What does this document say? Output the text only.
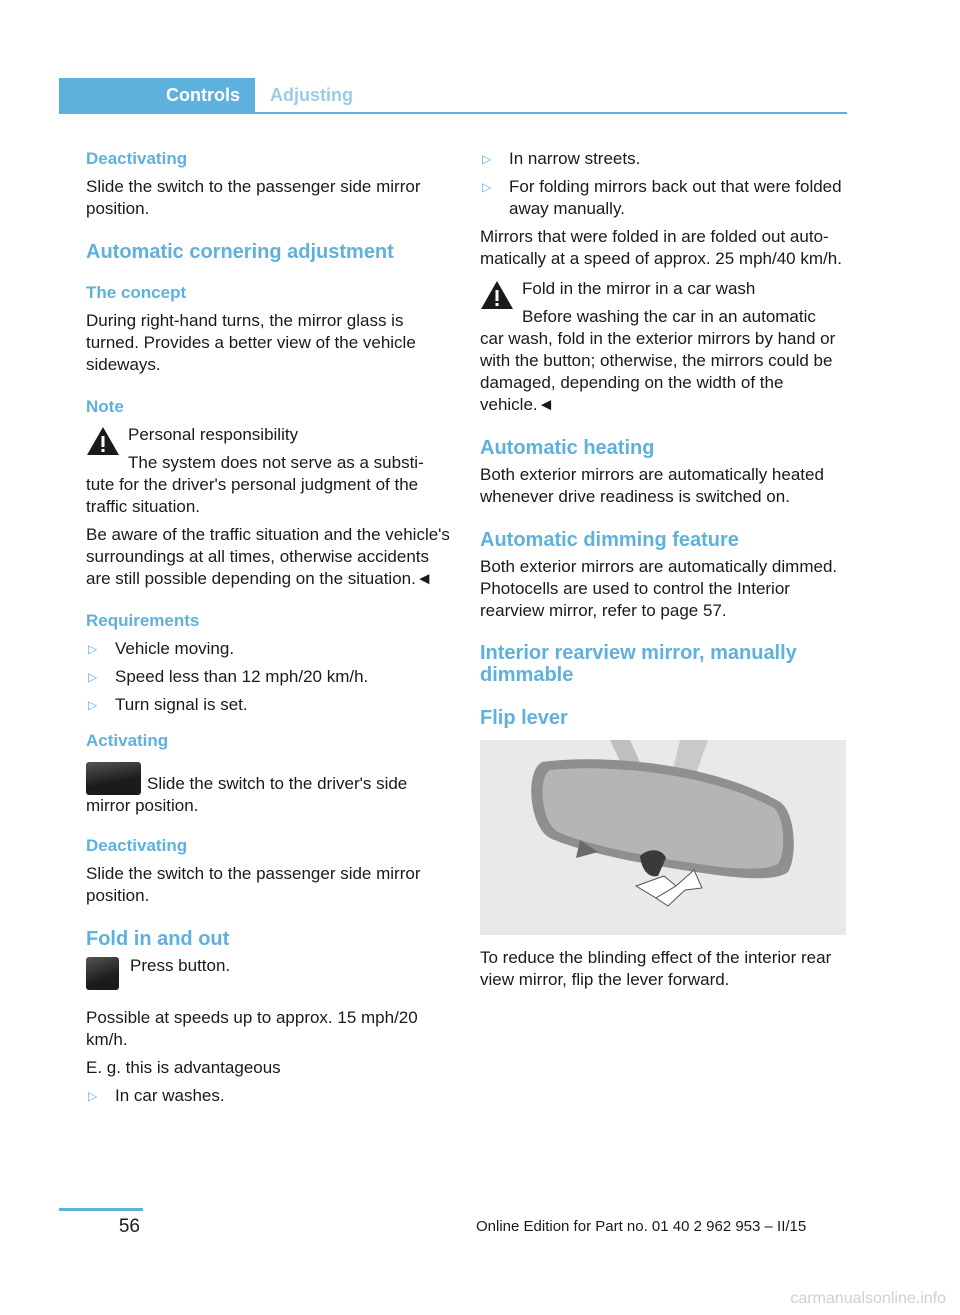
Controls	Adjusting
Deactivating

Slide the switch to the passenger side mirror position.

Automatic cornering adjustment
The concept

During right-hand turns, the mirror glass is turned. Provides a better view of the vehicle sideways.

Note

Personal responsibility

The system does not serve as a substi-

tute for the driver's personal judgment of the traffic situation.

Be aware of the traffic situation and the vehicle's surroundings at all times, otherwise accidents are still possible depending on the situation.◄

Requirements
▷ Vehicle moving.
▷ Speed less than 12 mph/20 km/h.
▷ Turn signal is set.
Activating

Slide the switch to the driver's side mirror position.

Deactivating

Slide the switch to the passenger side mirror position.

Fold in and out

Press button.

Possible at speeds up to approx. 15 mph/20 km/h.

E. g. this is advantageous

▷ In car washes.
▷ In narrow streets.
▷ For folding mirrors back out that were folded away manually.

Mirrors that were folded in are folded out automatically at a speed of approx. 25 mph/40 km/h.

Fold in the mirror in a car wash

Before washing the car in an automatic

car wash, fold in the exterior mirrors by hand or with the button; otherwise, the mirrors could be damaged, depending on the width of the vehicle.◄

Automatic heating

Both exterior mirrors are automatically heated whenever drive readiness is switched on.

Automatic dimming feature

Both exterior mirrors are automatically dimmed. Photocells are used to control the Interior rearview mirror, refer to page 57.

Interior rearview mirror, manually dimmable
Flip lever

To reduce the blinding effect of the interior rear view mirror, flip the lever forward.

56	Online Edition for Part no. 01 40 2 962 953 – II/15
carmanualsonline.info
